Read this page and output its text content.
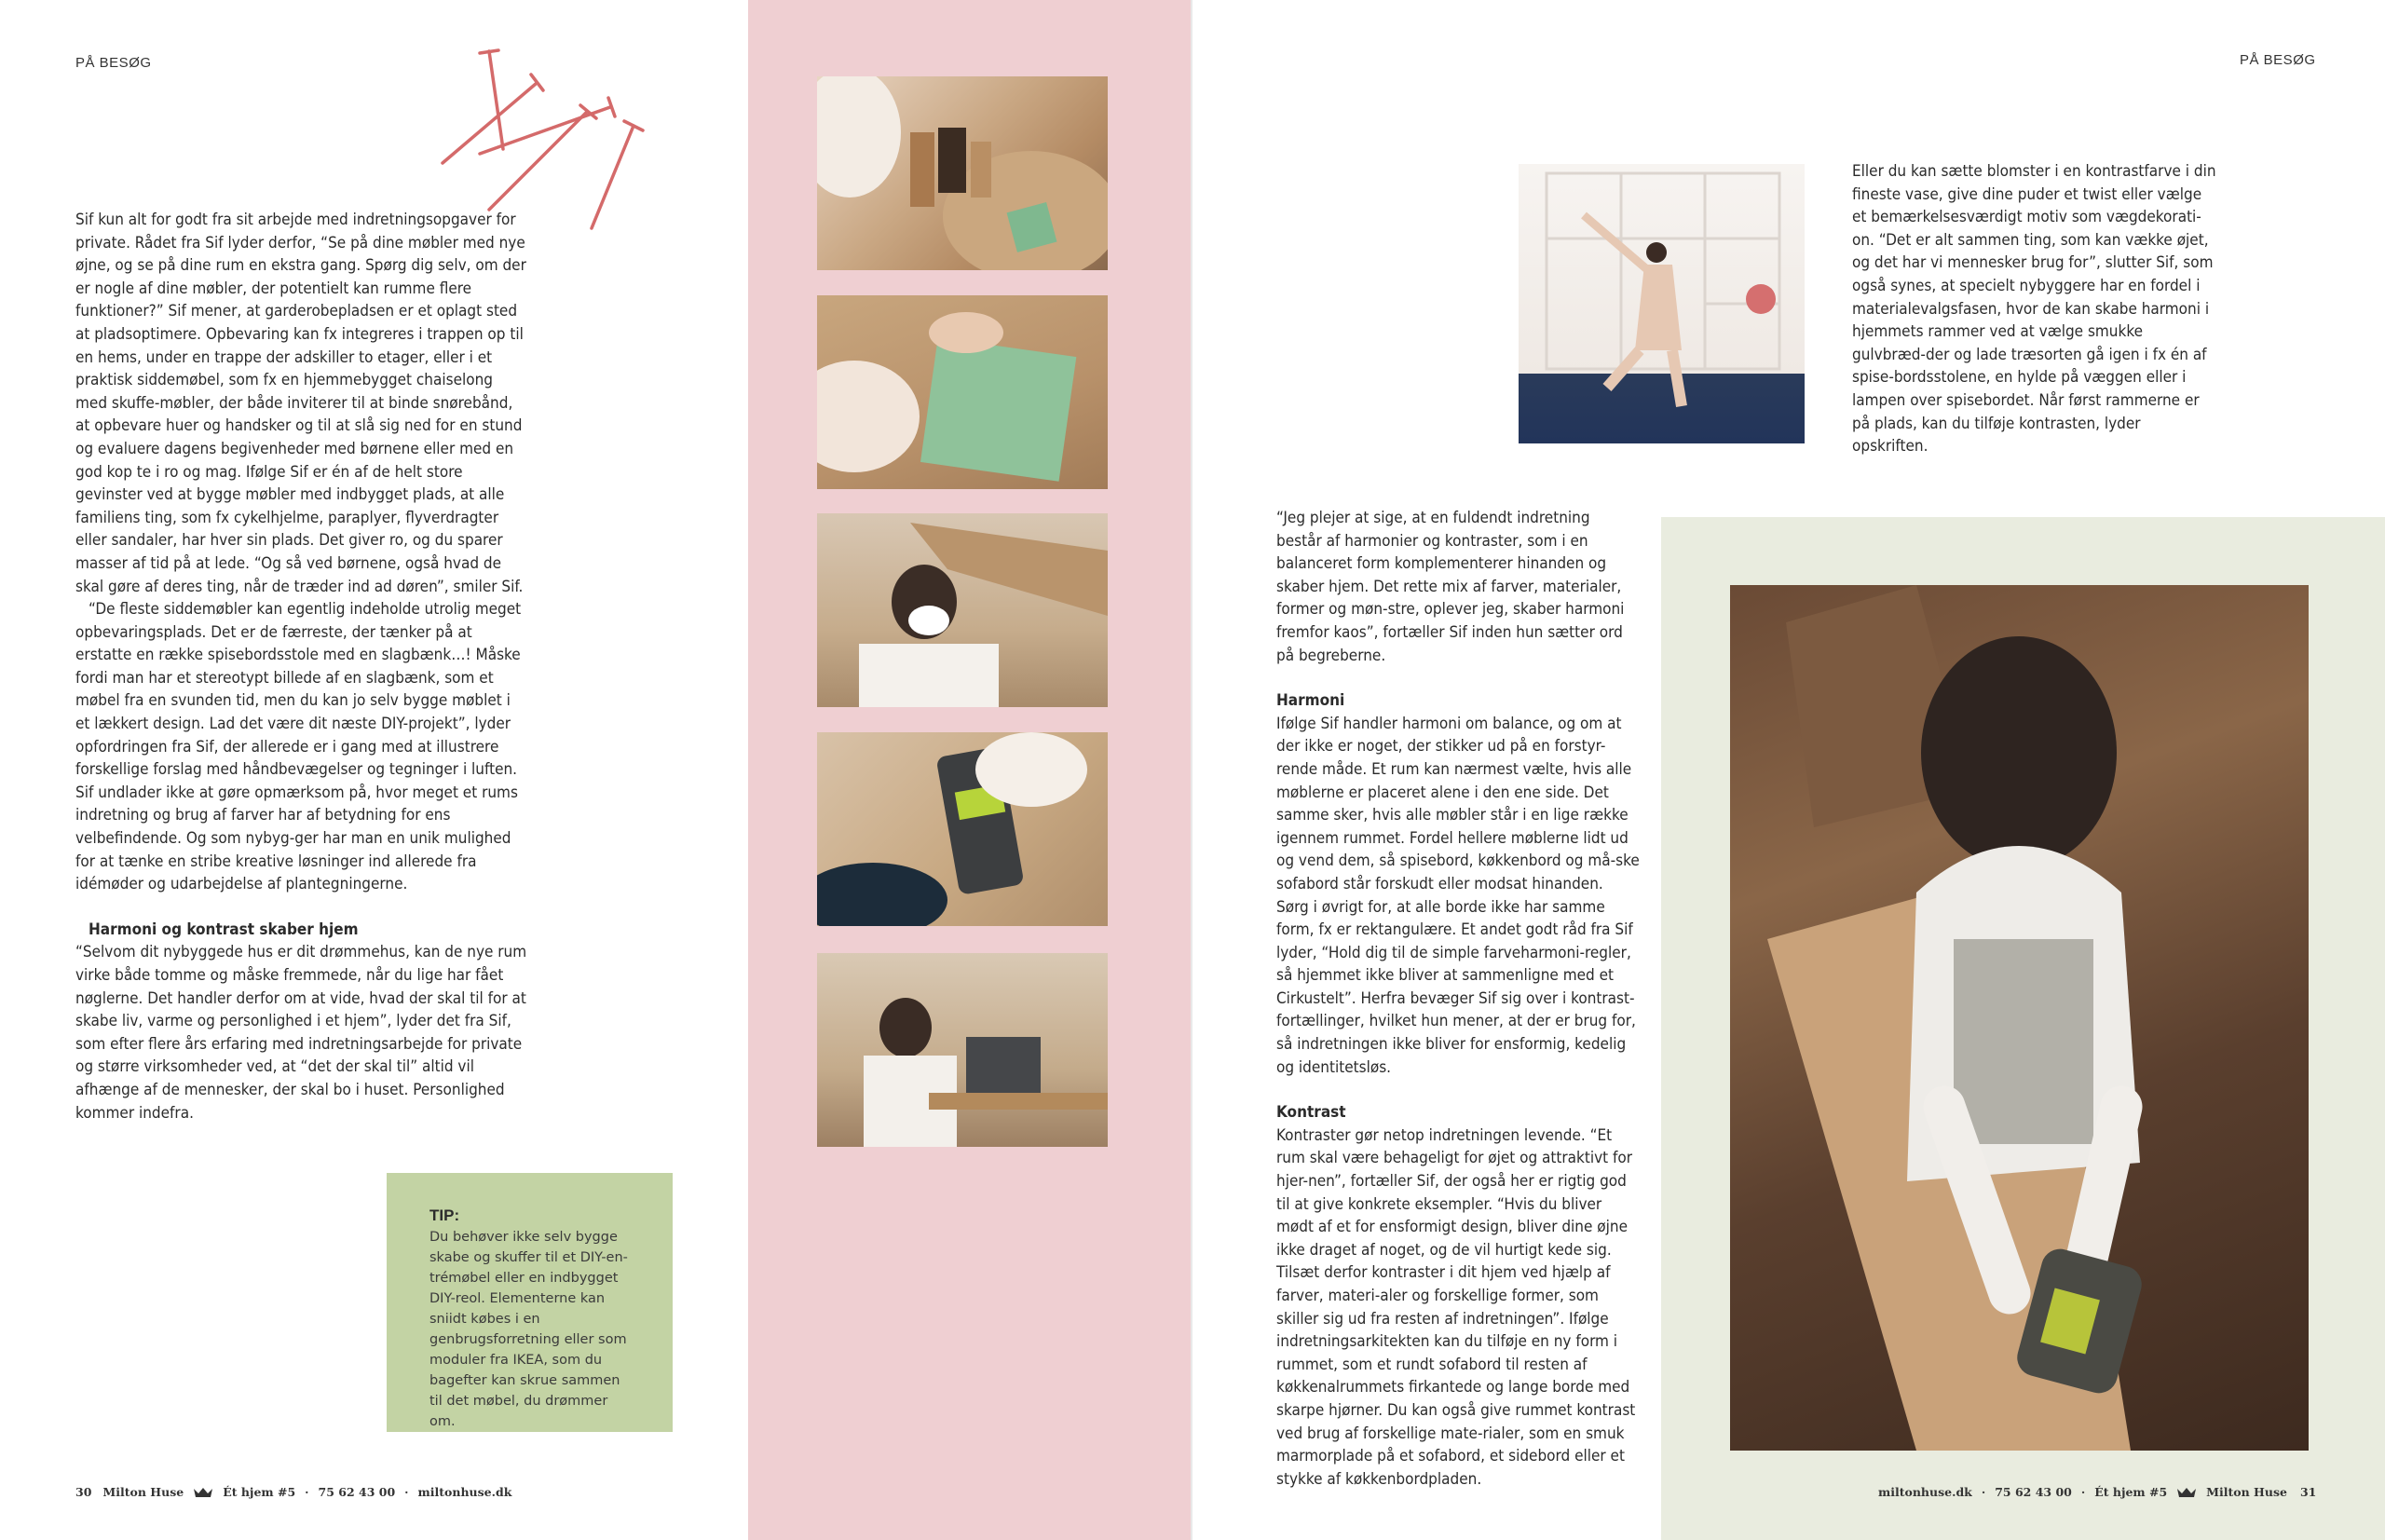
PÅ BESØG

Sif kun alt for godt fra sit arbejde med indretningsopgaver for private. Rådet fra Sif lyder derfor, “Se på dine møbler med nye øjne, og se på dine rum en ekstra gang. Spørg dig selv, om der er nogle af dine møbler, der potentielt kan rumme flere funktioner?” Sif mener, at garderobepladsen er et oplagt sted at pladsoptimere. Opbevaring kan fx integreres i trappen op til en hems, under en trappe der adskiller to etager, eller i et praktisk siddemøbel, som fx en hjemmebygget chaiselong med skuffe-møbler, der både inviterer til at binde snørebånd, at opbevare huer og handsker og til at slå sig ned for en stund og evaluere dagens begivenheder med børnene eller med en god kop te i ro og mag. Ifølge Sif er én af de helt store gevinster ved at bygge møbler med indbygget plads, at alle familiens ting, som fx cykelhjelme, paraplyer, flyverdragter eller sandaler, har hver sin plads. Det giver ro, og du sparer masser af tid på at lede. “Og så ved børnene, også hvad de skal gøre af deres ting, når de træder ind ad døren”, smiler Sif.

“De fleste siddemøbler kan egentlig indeholde utrolig meget opbevaringsplads. Det er de færreste, der tænker på at erstatte en række spisebordsstole med en slagbænk…! Måske fordi man har et stereotypt billede af en slagbænk, som et møbel fra en svunden tid, men du kan jo selv bygge møblet i et lækkert design. Lad det være dit næste DIY-projekt”, lyder opfordringen fra Sif, der allerede er i gang med at illustrere forskellige forslag med håndbevægelser og tegninger i luften. Sif undlader ikke at gøre opmærksom på, hvor meget et rums indretning og brug af farver har af betydning for ens velbefindende. Og som nybyg-ger har man en unik mulighed for at tænke en stribe kreative løsninger ind allerede fra idémøder og udarbejdelse af plantegningerne.

Harmoni og kontrast skaber hjem

“Selvom dit nybyggede hus er dit drømmehus, kan de nye rum virke både tomme og måske fremmede, når du lige har fået nøglerne. Det handler derfor om at vide, hvad der skal til for at skabe liv, varme og personlighed i et hjem”, lyder det fra Sif, som efter flere års erfaring med indretningsarbejde for private og større virksomheder ved, at “det der skal til” altid vil afhænge af de mennesker, der skal bo i huset. Personlighed kommer indefra.

TIP:
Du behøver ikke selv bygge skabe og skuffer til et DIY-en-trémøbel eller en indbygget DIY-reol. Elementerne kan sniidt købes i en genbrugsforretning eller som moduler fra IKEA, som du bagefter kan skrue sammen til det møbel, du drømmer om.
30 Milton Huse	Ét hjem #5 · 75 62 43 00 · miltonhuse.dk
PÅ BESØG

Eller du kan sætte blomster i en kontrastfarve i din fineste vase, give dine puder et twist eller vælge et bemærkelsesværdigt motiv som vægdekorati-on. “Det er alt sammen ting, som kan vække øjet, og det har vi mennesker brug for”, slutter Sif, som også synes, at specielt nybyggere har en fordel i materialevalgsfasen, hvor de kan skabe harmoni i hjemmets rammer ved at vælge smukke gulvbræd-der og lade træsorten gå igen i fx én af spise-bordsstolene, en hylde på væggen eller i lampen over spisebordet. Når først rammerne er på plads, kan du tilføje kontrasten, lyder opskriften.

“Jeg plejer at sige, at en fuldendt indretning består af harmonier og kontraster, som i en balanceret form komplementerer hinanden og skaber hjem. Det rette mix af farver, materialer, former og møn-stre, oplever jeg, skaber harmoni fremfor kaos”, fortæller Sif inden hun sætter ord på begreberne.

Harmoni

Ifølge Sif handler harmoni om balance, og om at der ikke er noget, der stikker ud på en forstyr-rende måde. Et rum kan nærmest vælte, hvis alle møblerne er placeret alene i den ene side. Det samme sker, hvis alle møbler står i en lige række igennem rummet. Fordel hellere møblerne lidt ud og vend dem, så spisebord, køkkenbord og må-ske sofabord står forskudt eller modsat hinanden. Sørg i øvrigt for, at alle borde ikke har samme form, fx er rektangulære. Et andet godt råd fra Sif lyder, “Hold dig til de simple farveharmoni-regler, så hjemmet ikke bliver at sammenligne med et Cirkustelt”. Herfra bevæger Sif sig over i kontrast-fortællinger, hvilket hun mener, at der er brug for, så indretningen ikke bliver for ensformig, kedelig og identitetsløs.

Kontrast

Kontraster gør netop indretningen levende. “Et rum skal være behageligt for øjet og attraktivt for hjer-nen”, fortæller Sif, der også her er rigtig god til at give konkrete eksempler. “Hvis du bliver mødt af et for ensformigt design, bliver dine øjne ikke draget af noget, og de vil hurtigt kede sig. Tilsæt derfor kontraster i dit hjem ved hjælp af farver, materi-aler og forskellige former, som skiller sig ud fra resten af indretningen”. Ifølge indretningsarkitekten kan du tilføje en ny form i rummet, som et rundt sofabord til resten af køkkenalrummets firkantede og lange borde med skarpe hjørner. Du kan også give rummet kontrast ved brug af forskellige mate-rialer, som en smuk marmorplade på et sofabord, et sidebord eller et stykke af køkkenbordpladen.

miltonhuse.dk · 75 62 43 00 · Ét hjem #5	Milton Huse 31
